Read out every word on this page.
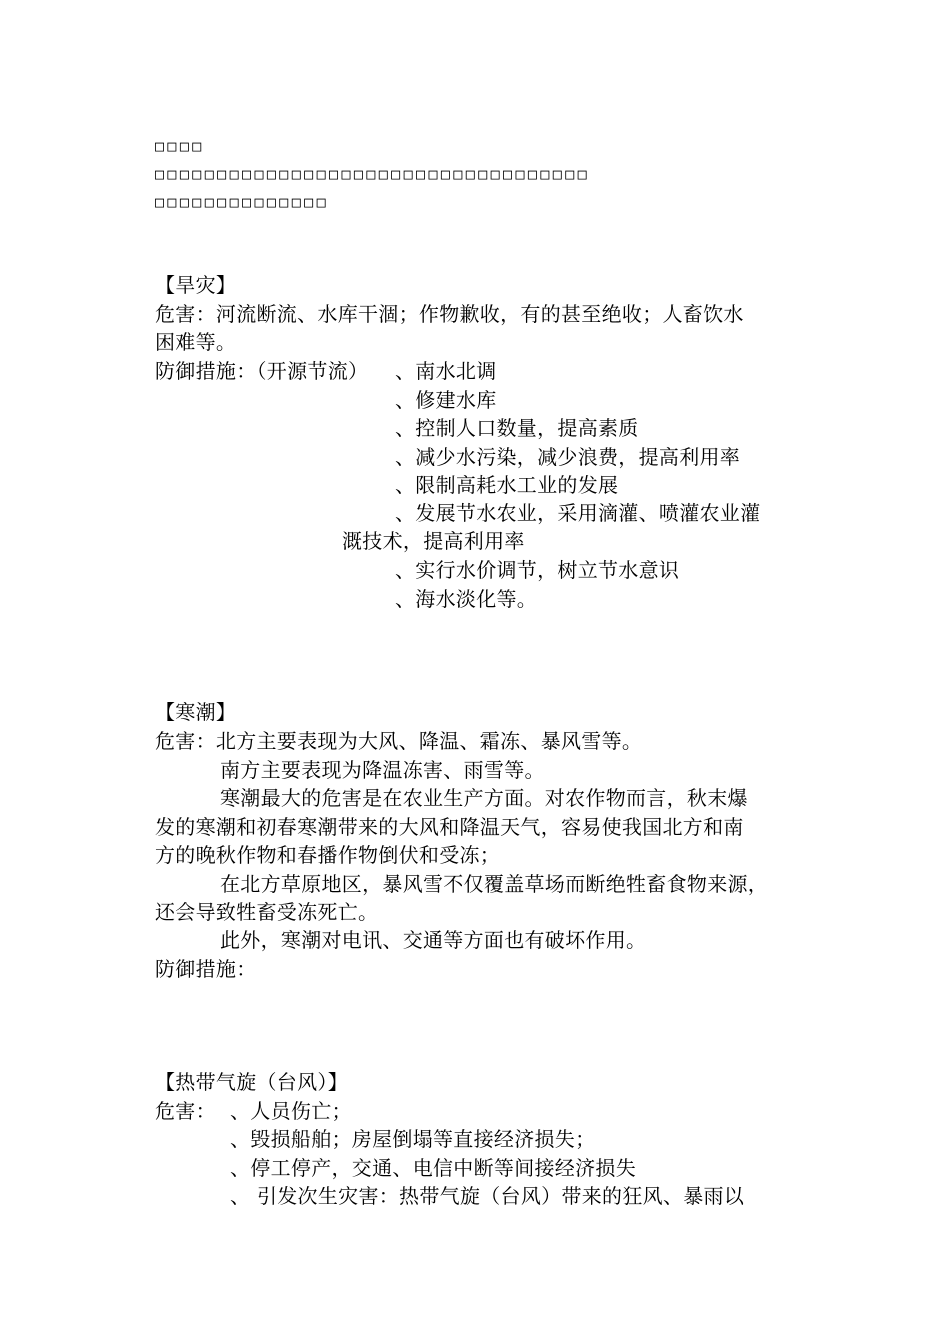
□□□□
□□□□□□□□□□□□□□□□□□□□□□□□□□□□□□□□□□□
□□□□□□□□□□□□□□
【旱灾】
危害：河流断流、水库干涸；作物歉收，有的甚至绝收；人畜饮水
困难等。
防御措施：（开源节流） 、南水北调
、修建水库
、控制人口数量，提高素质
、减少水污染，减少浪费，提高利用率
、限制高耗水工业的发展
、发展节水农业，采用滴灌、喷灌农业灌
溉技术，提高利用率
、实行水价调节，树立节水意识
、海水淡化等。
【寒潮】
危害：北方主要表现为大风、降温、霜冻、暴风雪等。
南方主要表现为降温冻害、雨雪等。
寒潮最大的危害是在农业生产方面。对农作物而言，秋末爆
发的寒潮和初春寒潮带来的大风和降温天气，容易使我国北方和南
方的晚秋作物和春播作物倒伏和受冻；
在北方草原地区，暴风雪不仅覆盖草场而断绝牲畜食物来源，
还会导致牲畜受冻死亡。
此外，寒潮对电讯、交通等方面也有破坏作用。
防御措施：
【热带气旋（台风）】
危害： 、人员伤亡；
、毁损船舶；房屋倒塌等直接经济损失；
、停工停产，交通、电信中断等间接经济损失
、 引发次生灾害：热带气旋（台风）带来的狂风、暴雨以
